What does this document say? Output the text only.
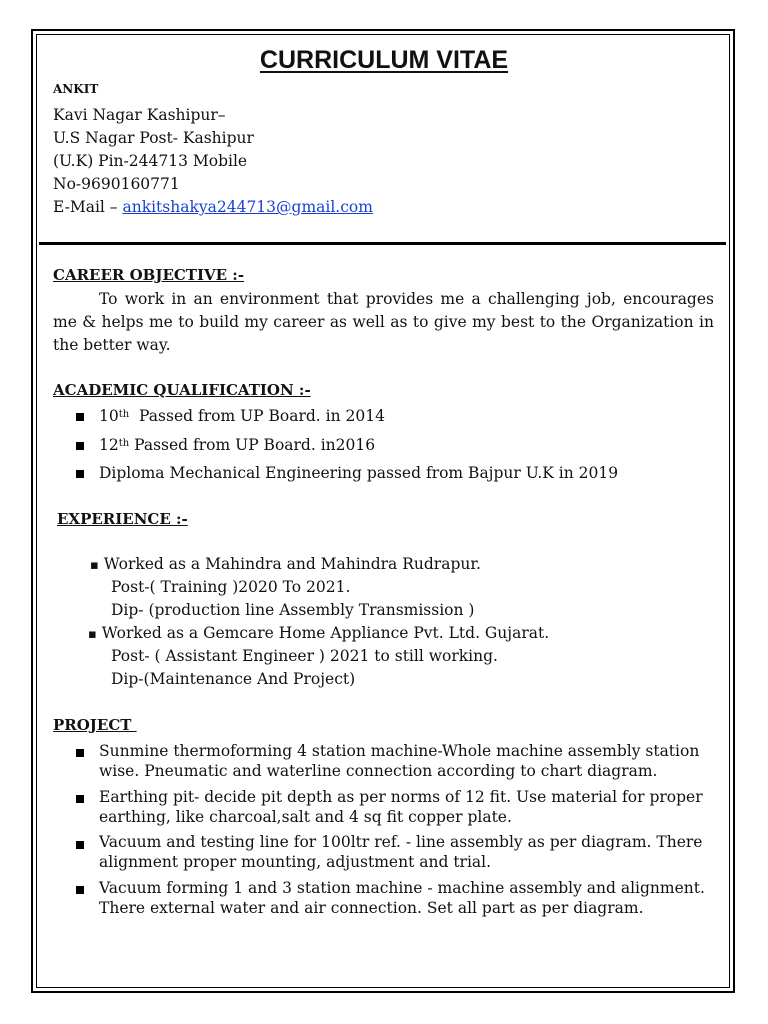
CURRICULUM VITAE
ANKIT
Kavi Nagar Kashipur–
U.S Nagar Post- Kashipur
(U.K) Pin-244713 Mobile
No-9690160771
E-Mail – ankitshakya244713@gmail.com
CAREER OBJECTIVE :-
To work in an environment that provides me a challenging job, encourages me & helps me to build my career as well as to give my best to the Organization in the better way.
ACADEMIC QUALIFICATION :-
10th  Passed from UP Board. in 2014
12th Passed from UP Board. in2016
Diploma Mechanical Engineering passed from Bajpur U.K in 2019
EXPERIENCE :-
▪ Worked as a Mahindra and Mahindra Rudrapur.
Post-( Training )2020 To 2021.
Dip- (production line Assembly Transmission )
▪ Worked as a Gemcare Home Appliance Pvt. Ltd. Gujarat.
Post- ( Assistant Engineer ) 2021 to still working.
Dip-(Maintenance And Project)
PROJECT
Sunmine thermoforming 4 station machine-Whole machine assembly station wise. Pneumatic and waterline connection according to chart diagram.
Earthing pit- decide pit depth as per norms of 12 fit. Use material for proper earthing, like charcoal,salt and 4 sq fit copper plate.
Vacuum and testing line for 100ltr ref. - line assembly as per diagram. There alignment proper mounting, adjustment and trial.
Vacuum forming 1 and 3 station machine - machine assembly and alignment. There external water and air connection. Set all part as per diagram.
